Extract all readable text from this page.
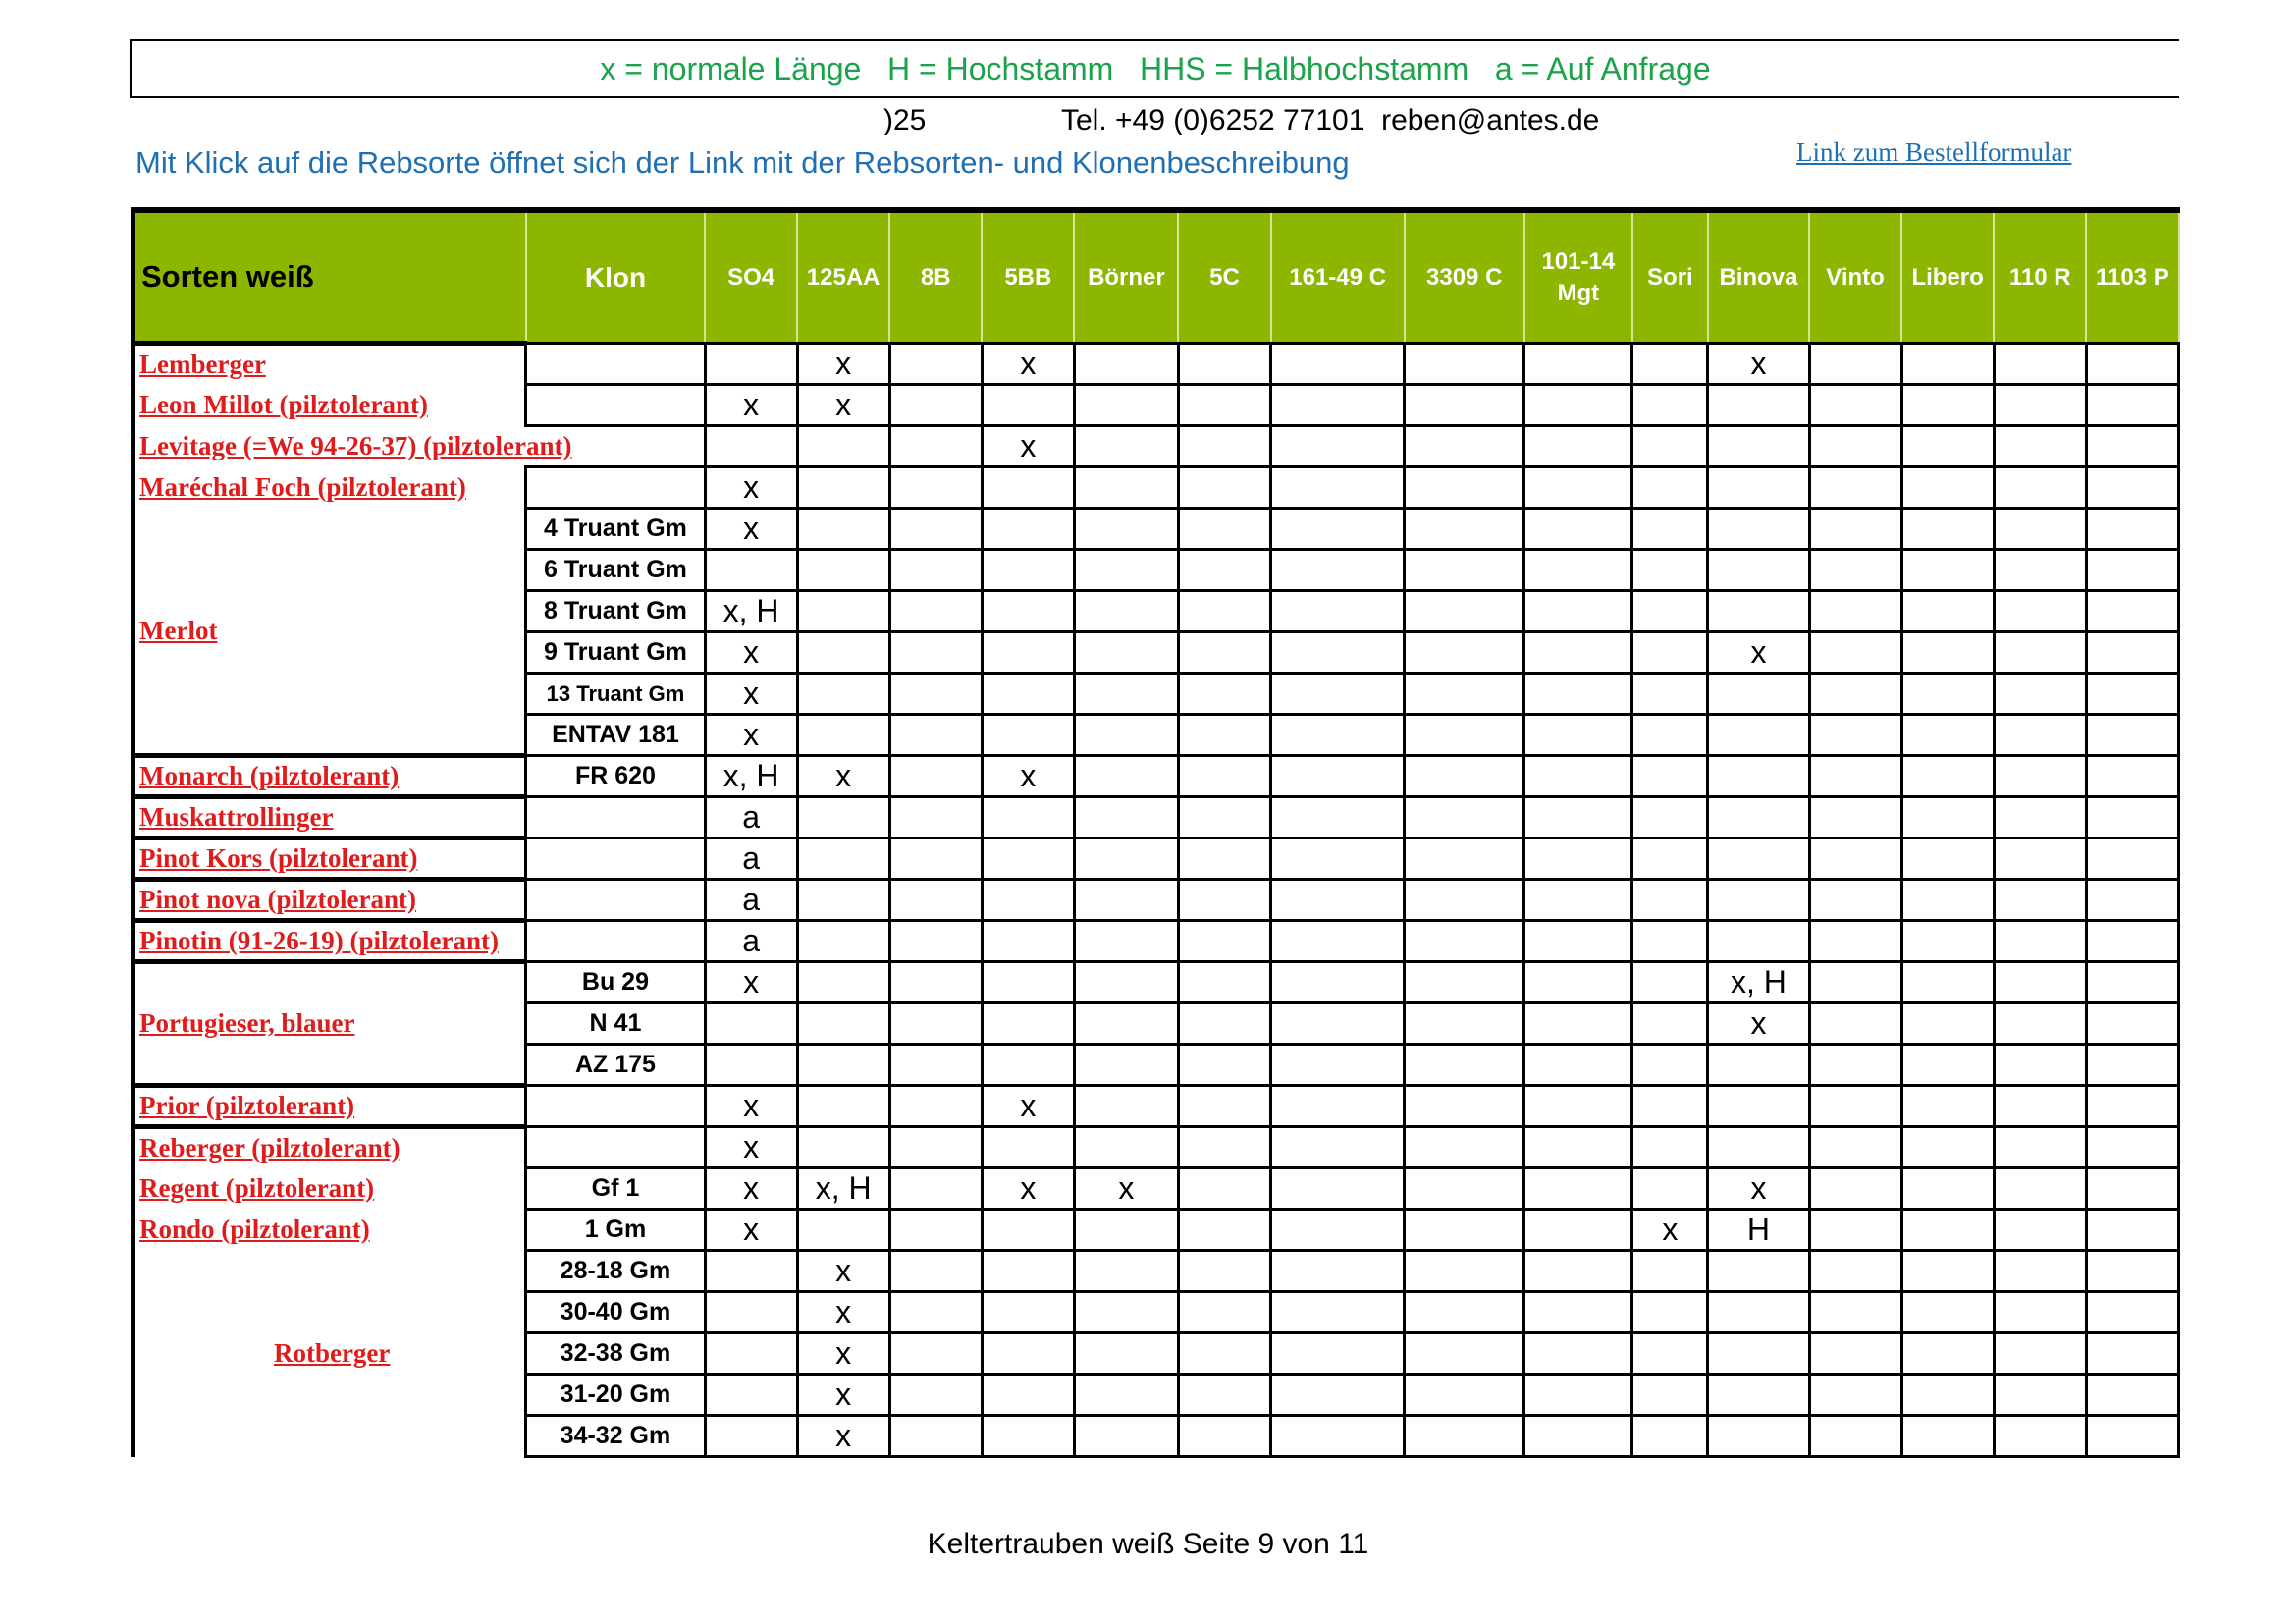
x = normale Länge   H = Hochstamm   HHS = Halbhochstamm   a = Auf Anfrage
)25	Tel. +49 (0)6252 77101  reben@antes.de
Mit Klick auf die Rebsorte öffnet sich der Link mit der Rebsorten- und Klonenbeschreibung	Link zum Bestellformular
Sorten weiß	Klon	SO4	125AA	8B	5BB	Börner	5C	161-49 C	3309 C	101-14 Mgt	Sori	Binova	Vinto	Libero	110 R	1103 P
Lemberger			x		x							x				
Leon Millot (pilztolerant)		x	x													
Levitage (=We 94-26-37) (pilztolerant)					x											
Maréchal Foch (pilztolerant)		x														
Merlot	4 Truant Gm	x														
	6 Truant Gm															
	8 Truant Gm	x, H														
	9 Truant Gm	x										x				
	13 Truant Gm	x														
	ENTAV 181	x														
Monarch (pilztolerant)	FR 620	x, H	x		x											
Muskattrollinger		a														
Pinot Kors (pilztolerant)		a														
Pinot nova (pilztolerant)		a														
Pinotin (91-26-19) (pilztolerant)		a														
Portugieser, blauer	Bu 29	x										x, H				
	N 41											x				
	AZ 175															
Prior (pilztolerant)		x			x											
Reberger (pilztolerant)		x														
Regent (pilztolerant)	Gf 1	x	x, H		x	x						x				
Rondo (pilztolerant)	1 Gm	x									x	H				
Rotberger	28-18 Gm		x													
	30-40 Gm		x													
	32-38 Gm		x													
	31-20 Gm		x													
	34-32 Gm		x													
Keltertrauben weiß Seite 9 von 11
